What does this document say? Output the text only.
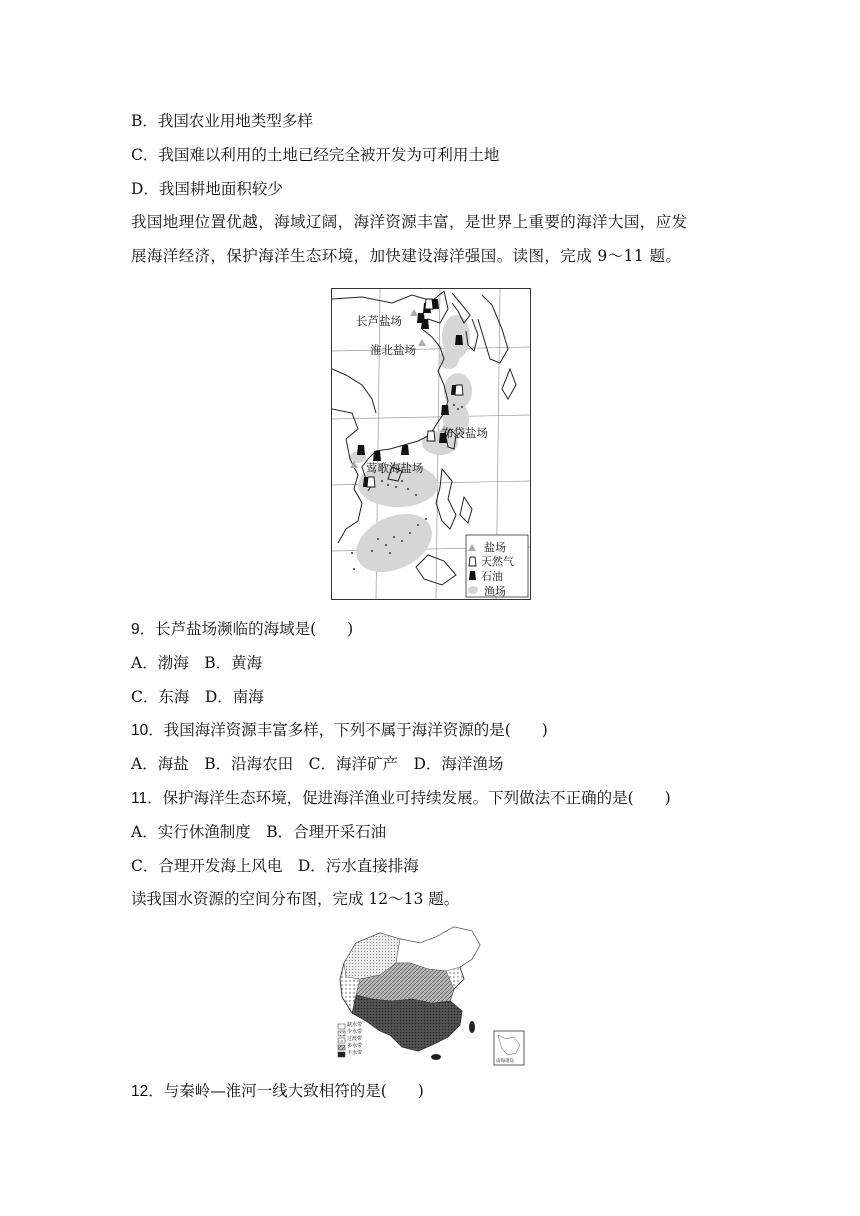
B．我国农业用地类型多样
C．我国难以利用的土地已经完全被开发为可利用土地
D．我国耕地面积较少
我国地理位置优越，海域辽阔，海洋资源丰富，是世界上重要的海洋大国，应发
展海洋经济，保护海洋生态环境，加快建设海洋强国。读图，完成 9～11 题。
长芦盐场
淮北盐场
布袋盐场
莺歌海盐场
盐场
天然气
石油
渔场
9．长芦盐场濒临的海域是(　　)
A．渤海　B．黄海
C．东海　D．南海
10．我国海洋资源丰富多样，下列不属于海洋资源的是(　　)
A．海盐　B．沿海农田　C．海洋矿产　D．海洋渔场
11．保护海洋生态环境，促进海洋渔业可持续发展。下列做法不正确的是(　　)
A．实行休渔制度　B．合理开采石油
C．合理开发海上风电　D．污水直接排海
读我国水资源的空间分布图，完成 12～13 题。
缺水带
少水带
过渡带
多水带
丰水带
南海诸岛
12．与秦岭—淮河一线大致相符的是(　　)
